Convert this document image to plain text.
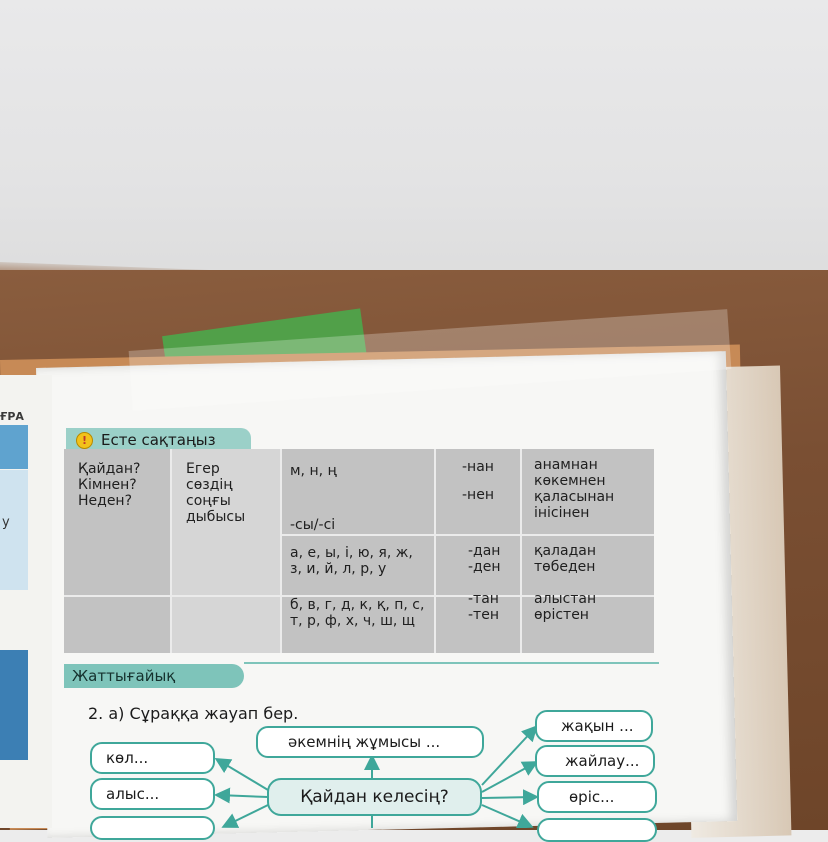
ҒРА
у
! Есте сақтаңыз
Қайдан?
Кімнен?
Неден?
Егер
сөздің
соңғы
дыбысы
м, н, ң
-сы/-сі
-нан
-нен
анамнан
көкемнен
қаласынан
інісінен
а, е, ы, і, ю, я, ж,
з, и, й, л, р, у
-дан
-ден
қаладан
төбеден
б, в, г, д, к, қ, п, с,
т, р, ф, х, ч, ш, щ
-тан
-тен
алыстан
өрістен
Жаттығайық
2. а) Сұраққа жауап бер.
көл...
алыс...
әкемнің жұмысы ...
Қайдан келесің?
жақын ...
жайлау...
өріс...
